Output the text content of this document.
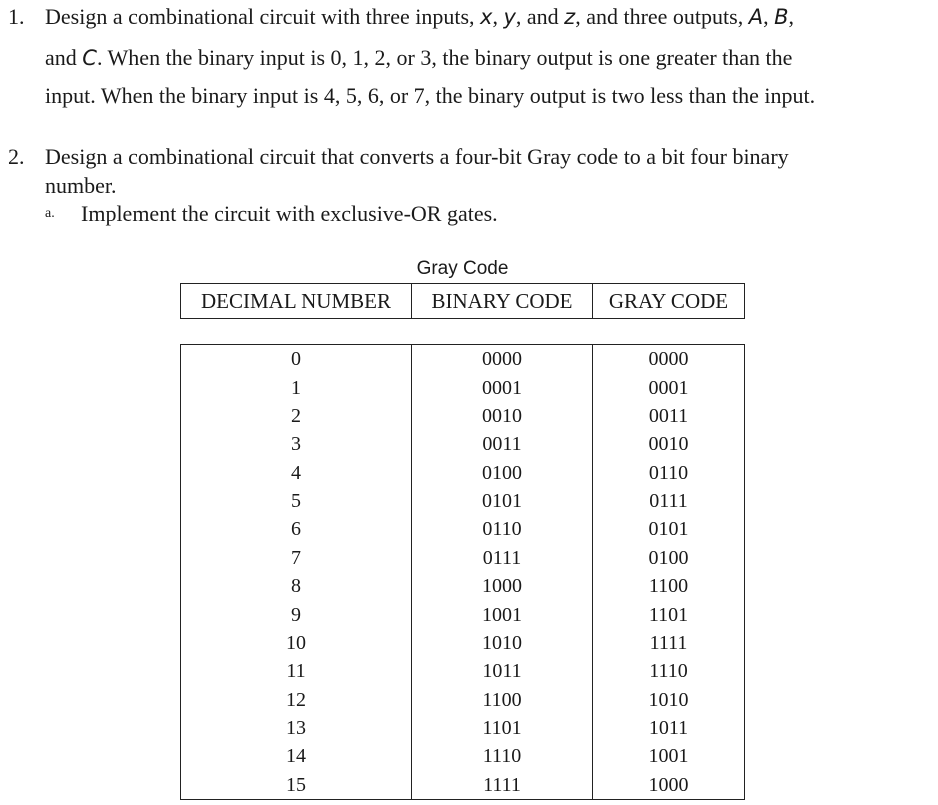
1. Design a combinational circuit with three inputs, x, y, and z, and three outputs, A, B,
and C. When the binary input is 0, 1, 2, or 3, the binary output is one greater than the
input. When the binary input is 4, 5, 6, or 7, the binary output is two less than the input.
2. Design a combinational circuit that converts a four-bit Gray code to a bit four binary
number.
a. Implement the circuit with exclusive-OR gates.
Gray Code
DECIMAL NUMBER	BINARY CODE	GRAY CODE
0	0000	0000
1	0001	0001
2	0010	0011
3	0011	0010
4	0100	0110
5	0101	0111
6	0110	0101
7	0111	0100
8	1000	1100
9	1001	1101
10	1010	1111
11	1011	1110
12	1100	1010
13	1101	1011
14	1110	1001
15	1111	1000
